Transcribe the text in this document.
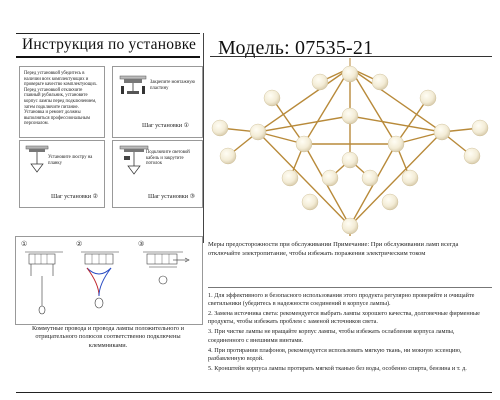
Инструкция по установке Модель: 07535-21
Перед установкой убедитесь в наличии всех комплектующих и проверьте качество комплектующих. Перед установкой отключите главный рубильник, установите корпус лампы перед подключением, затем подключите питание. Установка и ремонт должны выполняться профессиональным персоналом.
Закрепите монтажную пластину
Шаг установки ①
Установите люстру на планку
Шаг установки ②
Подключите световой кабель и закрутите потолок
Шаг установки ③
①	②	③
Коммутные провода и провода лампы положительного и отрицательного полюсов соответственно подключены клеммниками.
Меры предосторожности при обслуживании Примечание: При обслуживании ламп всегда отключайте электропитание, чтобы избежать поражения электрическим током
1. Для эффективного и безопасного использования этого продукта регулярно проверяйте и очищайте светильники (убедитесь в надежности соединений в корпусе лампы).
2. Замена источника света: рекомендуется выбрать лампы хорошего качества, долговечные фирменные продукты, чтобы избежать проблем с заменой источников света.
3. При чистке лампы не вращайте корпус лампы, чтобы избежать ослабления корпуса лампы, соединенного с внешними винтами.
4. При протирании плафонов, рекомендуется использовать мягкую ткань, ни мокную эссенцию, разбавленную водой.
5. Кронштейн корпуса лампы протирать мягкой тканью без воды, особенно спирта, бензина и т. д.
